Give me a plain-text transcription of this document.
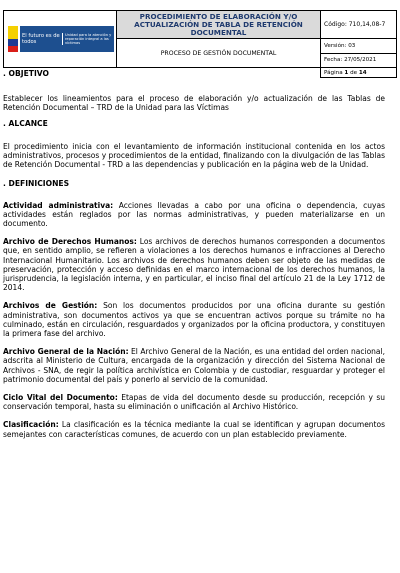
El futuro es de todos
Unidad para la atención y reparación integral a las víctimas	PROCEDIMIENTO DE ELABORACIÓN Y/O ACTUALIZACIÓN DE TABLA DE RETENCIÓN DOCUMENTAL	Código: 710,14,08-7

	PROCESO DE GESTIÓN DOCUMENTAL	Versión: 03
		Fecha: 27/05/2021
		Página 1 de 14

. OBJETIVO

Establecer los lineamientos para el proceso de elaboración y/o actualización de las Tablas de Retención Documental – TRD de la Unidad para las Víctimas

. ALCANCE

El procedimiento inicia con el levantamiento de información institucional contenida en los actos administrativos, procesos y procedimientos de la entidad, finalizando con la divulgación de las Tablas de Retención Documental - TRD a las dependencias y publicación en la página web de la Unidad.

. DEFINICIONES

Actividad administrativa: Acciones llevadas a cabo por una oficina o dependencia, cuyas actividades están reglados por las normas administrativas, y pueden materializarse en un documento.

Archivo de Derechos Humanos: Los archivos de derechos humanos corresponden a documentos que, en sentido amplio, se refieren a violaciones a los derechos humanos e infracciones al Derecho Internacional Humanitario. Los archivos de derechos humanos deben ser objeto de las medidas de preservación, protección y acceso definidas en el marco internacional de los derechos humanos, la jurisprudencia, la legislación interna, y en particular, el inciso final del artículo 21 de la Ley 1712 de 2014.

Archivos de Gestión: Son los documentos producidos por una oficina durante su gestión administrativa, son documentos activos ya que se encuentran activos porque su trámite no ha culminado, están en circulación, resguardados y organizados por la oficina productora, y constituyen la primera fase del archivo.

Archivo General de la Nación: El Archivo General de la Nación, es una entidad del orden nacional, adscrita al Ministerio de Cultura, encargada de la organización y dirección del Sistema Nacional de Archivos - SNA, de regir la política archivística en Colombia y de custodiar, resguardar y proteger el patrimonio documental del país y ponerlo al servicio de la comunidad.

Ciclo Vital del Documento: Etapas de vida del documento desde su producción, recepción y su conservación temporal, hasta su eliminación o unificación al Archivo Histórico.

Clasificación: La clasificación es la técnica mediante la cual se identifican y agrupan documentos semejantes con características comunes, de acuerdo con un plan establecido previamente.
